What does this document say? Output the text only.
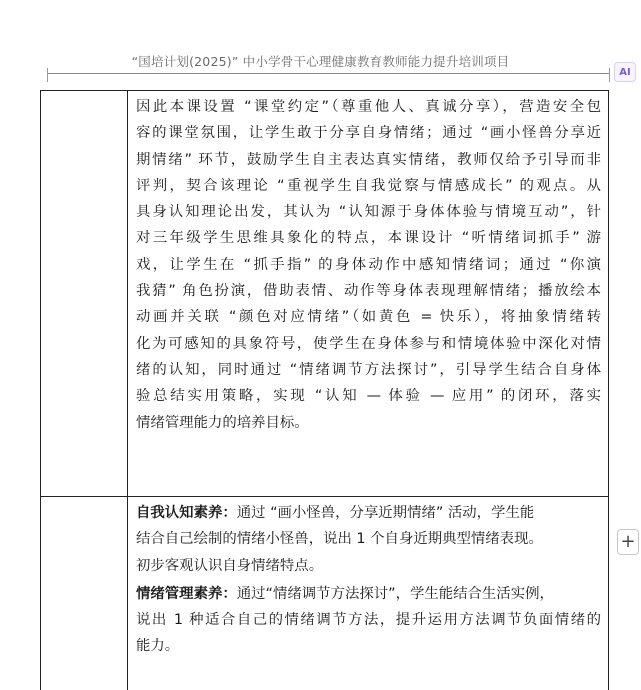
“国培计划(2025)” 中小学骨干心理健康教育教师能力提升培训项目
AI
因此本课设置 “课堂约定”（尊重他人、真诚分享），营造安全包
容的课堂氛围，让学生敢于分享自身情绪；通过 “画小怪兽分享近
期情绪” 环节，鼓励学生自主表达真实情绪，教师仅给予引导而非
评判，契合该理论 “重视学生自我觉察与情感成长” 的观点。从
具身认知理论出发，其认为 “认知源于身体体验与情境互动”，针
对三年级学生思维具象化的特点，本课设计 “听情绪词抓手” 游
戏，让学生在 “抓手指” 的身体动作中感知情绪词；通过 “你演
我猜” 角色扮演，借助表情、动作等身体表现理解情绪；播放绘本
动画并关联 “颜色对应情绪”（如黄色 = 快乐），将抽象情绪转
化为可感知的具象符号，使学生在身体参与和情境体验中深化对情
绪的认知，同时通过 “情绪调节方法探讨”，引导学生结合自身体
验总结实用策略，实现 “认知 — 体验 — 应用” 的闭环，落实
情绪管理能力的培养目标。
自我认知素养：通过 “画小怪兽，分享近期情绪” 活动，学生能
结合自己绘制的情绪小怪兽，说出 1 个自身近期典型情绪表现。
初步客观认识自身情绪特点。
情绪管理素养：通过“情绪调节方法探讨”，学生能结合生活实例，
说出 1 种适合自己的情绪调节方法，提升运用方法调节负面情绪的
能力。
+
